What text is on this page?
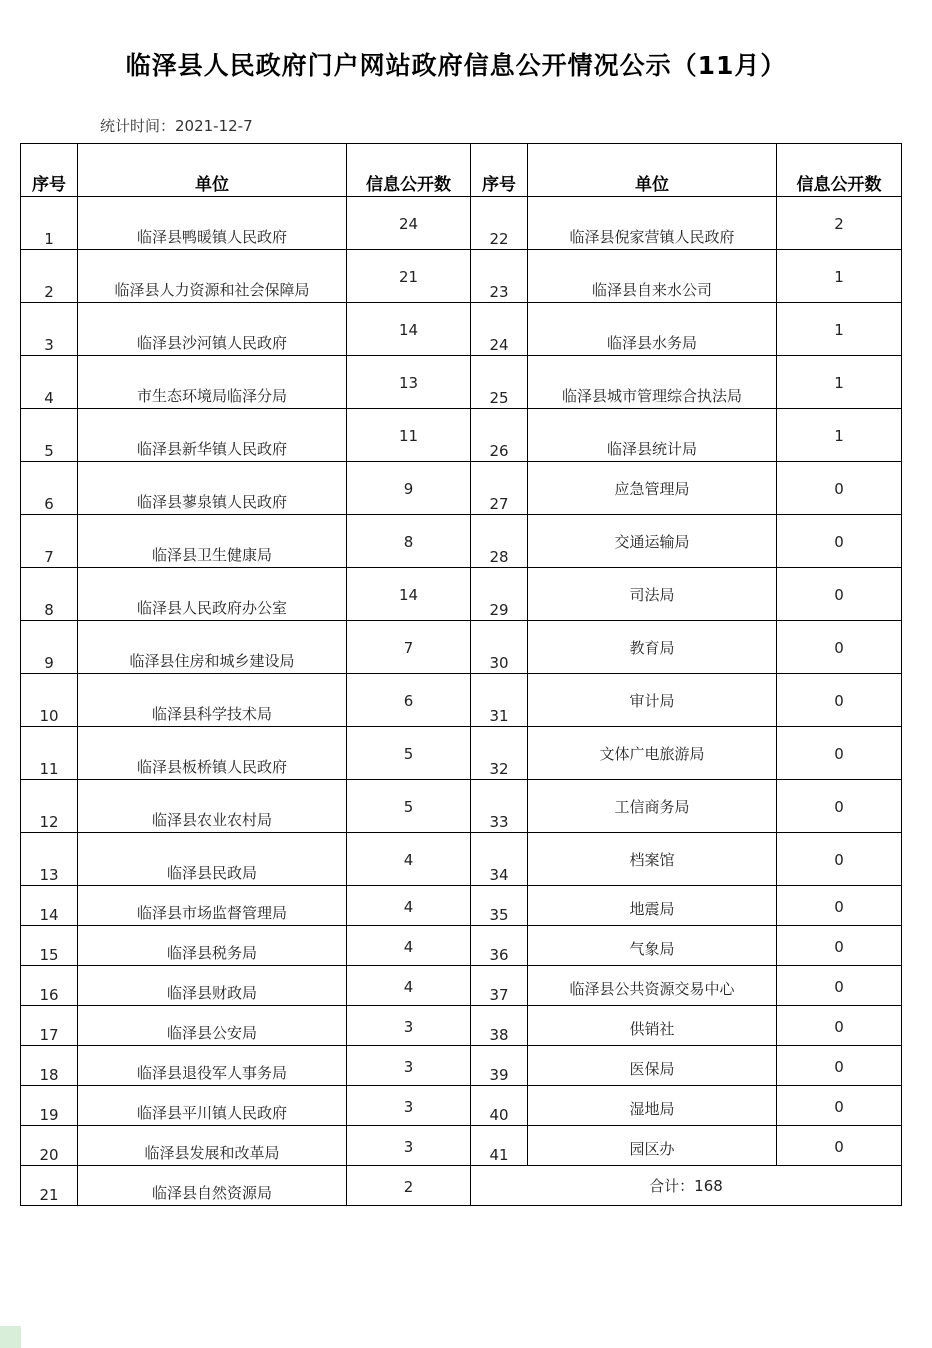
临泽县人民政府门户网站政府信息公开情况公示（11月）
统计时间：2021-12-7
序号	单位	信息公开数	序号	单位	信息公开数
1	临泽县鸭暖镇人民政府	24	22	临泽县倪家营镇人民政府	2
2	临泽县人力资源和社会保障局	21	23	临泽县自来水公司	1
3	临泽县沙河镇人民政府	14	24	临泽县水务局	1
4	市生态环境局临泽分局	13	25	临泽县城市管理综合执法局	1
5	临泽县新华镇人民政府	11	26	临泽县统计局	1
6	临泽县蓼泉镇人民政府	9	27	应急管理局	0
7	临泽县卫生健康局	8	28	交通运输局	0
8	临泽县人民政府办公室	14	29	司法局	0
9	临泽县住房和城乡建设局	7	30	教育局	0
10	临泽县科学技术局	6	31	审计局	0
11	临泽县板桥镇人民政府	5	32	文体广电旅游局	0
12	临泽县农业农村局	5	33	工信商务局	0
13	临泽县民政局	4	34	档案馆	0
14	临泽县市场监督管理局	4	35	地震局	0
15	临泽县税务局	4	36	气象局	0
16	临泽县财政局	4	37	临泽县公共资源交易中心	0
17	临泽县公安局	3	38	供销社	0
18	临泽县退役军人事务局	3	39	医保局	0
19	临泽县平川镇人民政府	3	40	湿地局	0
20	临泽县发展和改革局	3	41	园区办	0
21	临泽县自然资源局	2	合计：168		
